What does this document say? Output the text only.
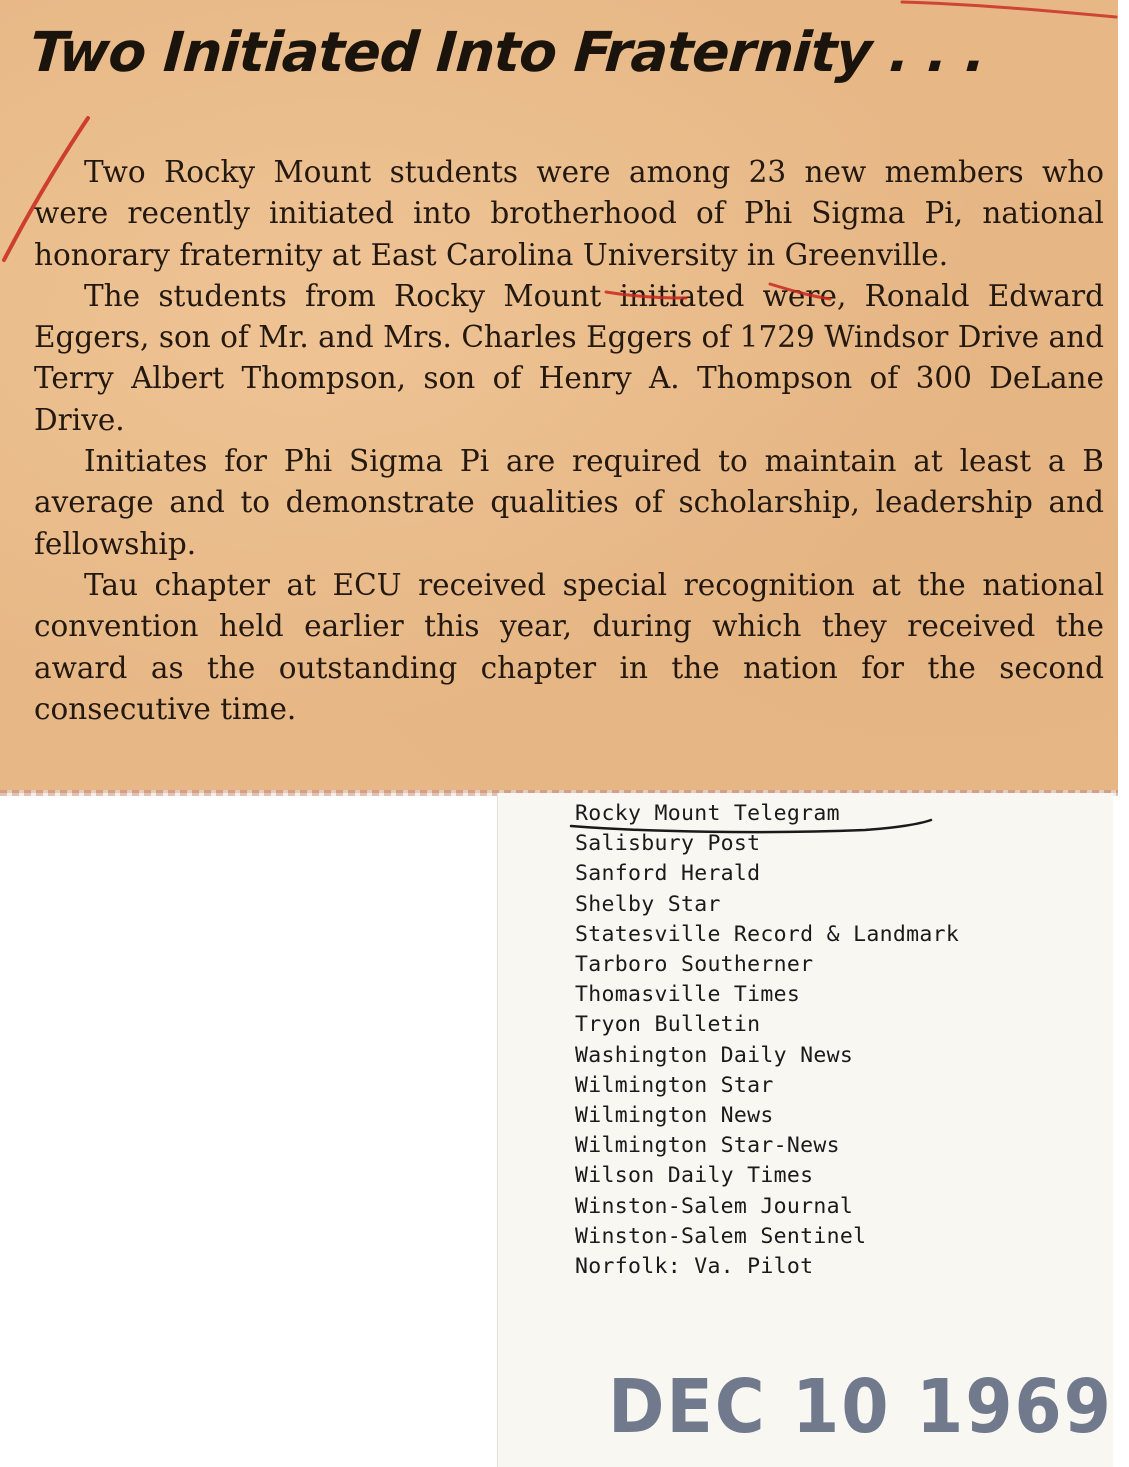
Two Initiated Into Fraternity . . .

Two Rocky Mount students were among 23 new members who were recently initiated into brotherhood of Phi Sigma Pi, national honorary fraternity at East Carolina University in Greenville.

The students from Rocky Mount initiated were, Ronald Edward Eggers, son of Mr. and Mrs. Charles Eggers of 1729 Windsor Drive and Terry Albert Thompson, son of Henry A. Thompson of 300 DeLane Drive.

Initiates for Phi Sigma Pi are required to maintain at least a B average and to demonstrate qualities of scholarship, leadership and fellowship.

Tau chapter at ECU received special recognition at the national convention held earlier this year, during which they received the award as the outstanding chapter in the nation for the second consecutive time.

Rocky Mount Telegram
Salisbury Post
Sanford Herald
Shelby Star
Statesville Record & Landmark
Tarboro Southerner
Thomasville Times
Tryon Bulletin
Washington Daily News
Wilmington Star
Wilmington News
Wilmington Star-News
Wilson Daily Times
Winston-Salem Journal
Winston-Salem Sentinel
Norfolk: Va. Pilot
DEC 10 1969
